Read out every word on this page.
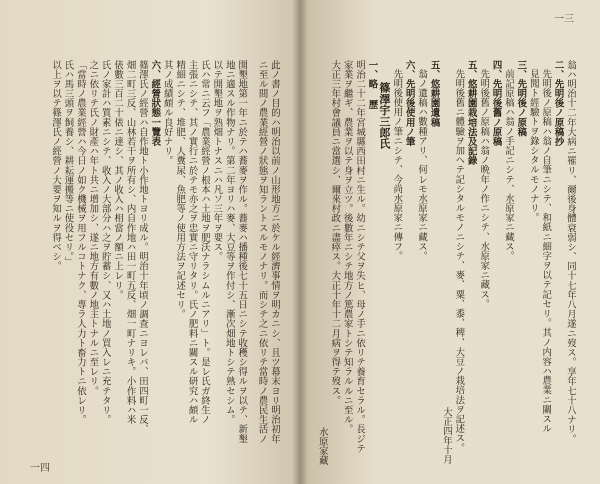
此ノ書ノ目的ハ明治以前ノ山形地方ニ於ケル經濟事情ヲ明カニシ、且ツ幕末ヨリ明治初年

ニ至ル間ノ農業經營ノ狀態ヲ知ラントスルモノナリ。而シテ之ニ依リテ當時ノ農民生活ノ

開墾地第一年ニ於テハ蕎麥ヲ作ル。蕎麥ハ播種後七十五日ニシテ收穫シ得ルヲ以テ、新墾

地ニ適スル作物ナリ。第二年ヨリハ麥、大豆等ヲ作付シ、漸次畑地トシテ熟セシム。

以テ開墾地ヲ熟畑トナスニハ凡ソ三年ヲ要ス。

氏ハ常ニ云フ「農業經營ノ根本ハ土地ヲ肥沃ナラシムルニアリ」ト。是レ氏ガ終生ノ

主張ニシテ、其ノ實行ニ於テモ亦之ヲ忠實ニ守リタリ。氏ノ肥料ニ關スル研究ハ頗ル

精細ニシテ、堆肥、人糞尿、魚肥等ノ使用方法ヲ記述セリ。

其ノ成績頗ル良好ナリ。

六、經營狀態一覽表

篠澤氏ノ經營ハ自作地ト小作地トヨリ成ル。明治十年頃ノ調査ニヨレバ、田四町一反、

畑二町三反、山林若干ヲ所有シ、内自作地ハ田一町五反、畑一町ナリキ。小作料ハ米

俵數三百二十俵ニ達シ、其ノ收入ハ相當ノ額ニ上レリ。

氏ノ家計ハ質素ニシテ、收入ノ大部分ハ之ヲ貯蓄シ、又ハ土地ノ買入レニ充テタリ。

之ニ依リテ氏ノ財產ハ年ト共ニ增加シ、遂ニ地方有數ノ地主トナルニ至レリ。

「當時ノ農業經營ハ今日ノ如ク機械ヲ用フルコトナク、專ラ人力ト畜力トニ依レリ。

氏ハ馬三頭ヲ飼養シ、耕耘運搬等ニ使役セリ。」

以上ヲ以テ篠澤氏ノ經營ノ大要ヲ知ルヲ得ベシ。

一四
一三

翁ハ明治十二年大病ニ罹リ、爾後身體衰弱シ、同十七年八月遂ニ歿ス。享年七十八ナリ。

二、先明後ノ原稿抄

先明後ノ原稿ハ翁ノ自筆ニシテ、和紙ニ細字ヲ以テ記セリ。其ノ内容ハ農業ニ關スル

見聞ト經驗トヲ錄シタルモノナリ。

三、先明後ノ原稿

前記原稿ハ翁ノ手記ニシテ、水原家ニ藏ス。

四、先明後舊ノ原稿

先明後舊ノ原稿ハ翁ノ晩年ノ作ニシテ、水原家ニ藏ス。

五、悠耕園栽培法及記錄

先明後舊ニ體驗ヲ加ヘテ記シタルモノニシテ、麥、粟、黍、稗、大豆ノ栽培法ヲ記述ス。

大正四年十月

五、悠耕園遺稿

翁ノ遺稿ハ數種アリ、何レモ水原家ニ藏ス。

六、先明後使用ノ筆

先明後使用ノ筆ニシテ、今尚水原家ニ傳フ。

篠澤宇三郎氏

一、略 歷

明治二十二年宮城縣西田村ニ生ル。幼ニシテ父ヲ失ヒ、母ノ手ニ依リテ養育セラル。長ジテ

家業ヲ繼ギ、農業ヲ以テ身ヲ立ツ。後數年ニシテ地方ノ篤農家トシテ知ラルルニ至ル。

大正三年村會議員ニ當選シ、爾來村政ニ盡瘁ス。大正十年十二月病ヲ得テ歿ス。

水原家藏
